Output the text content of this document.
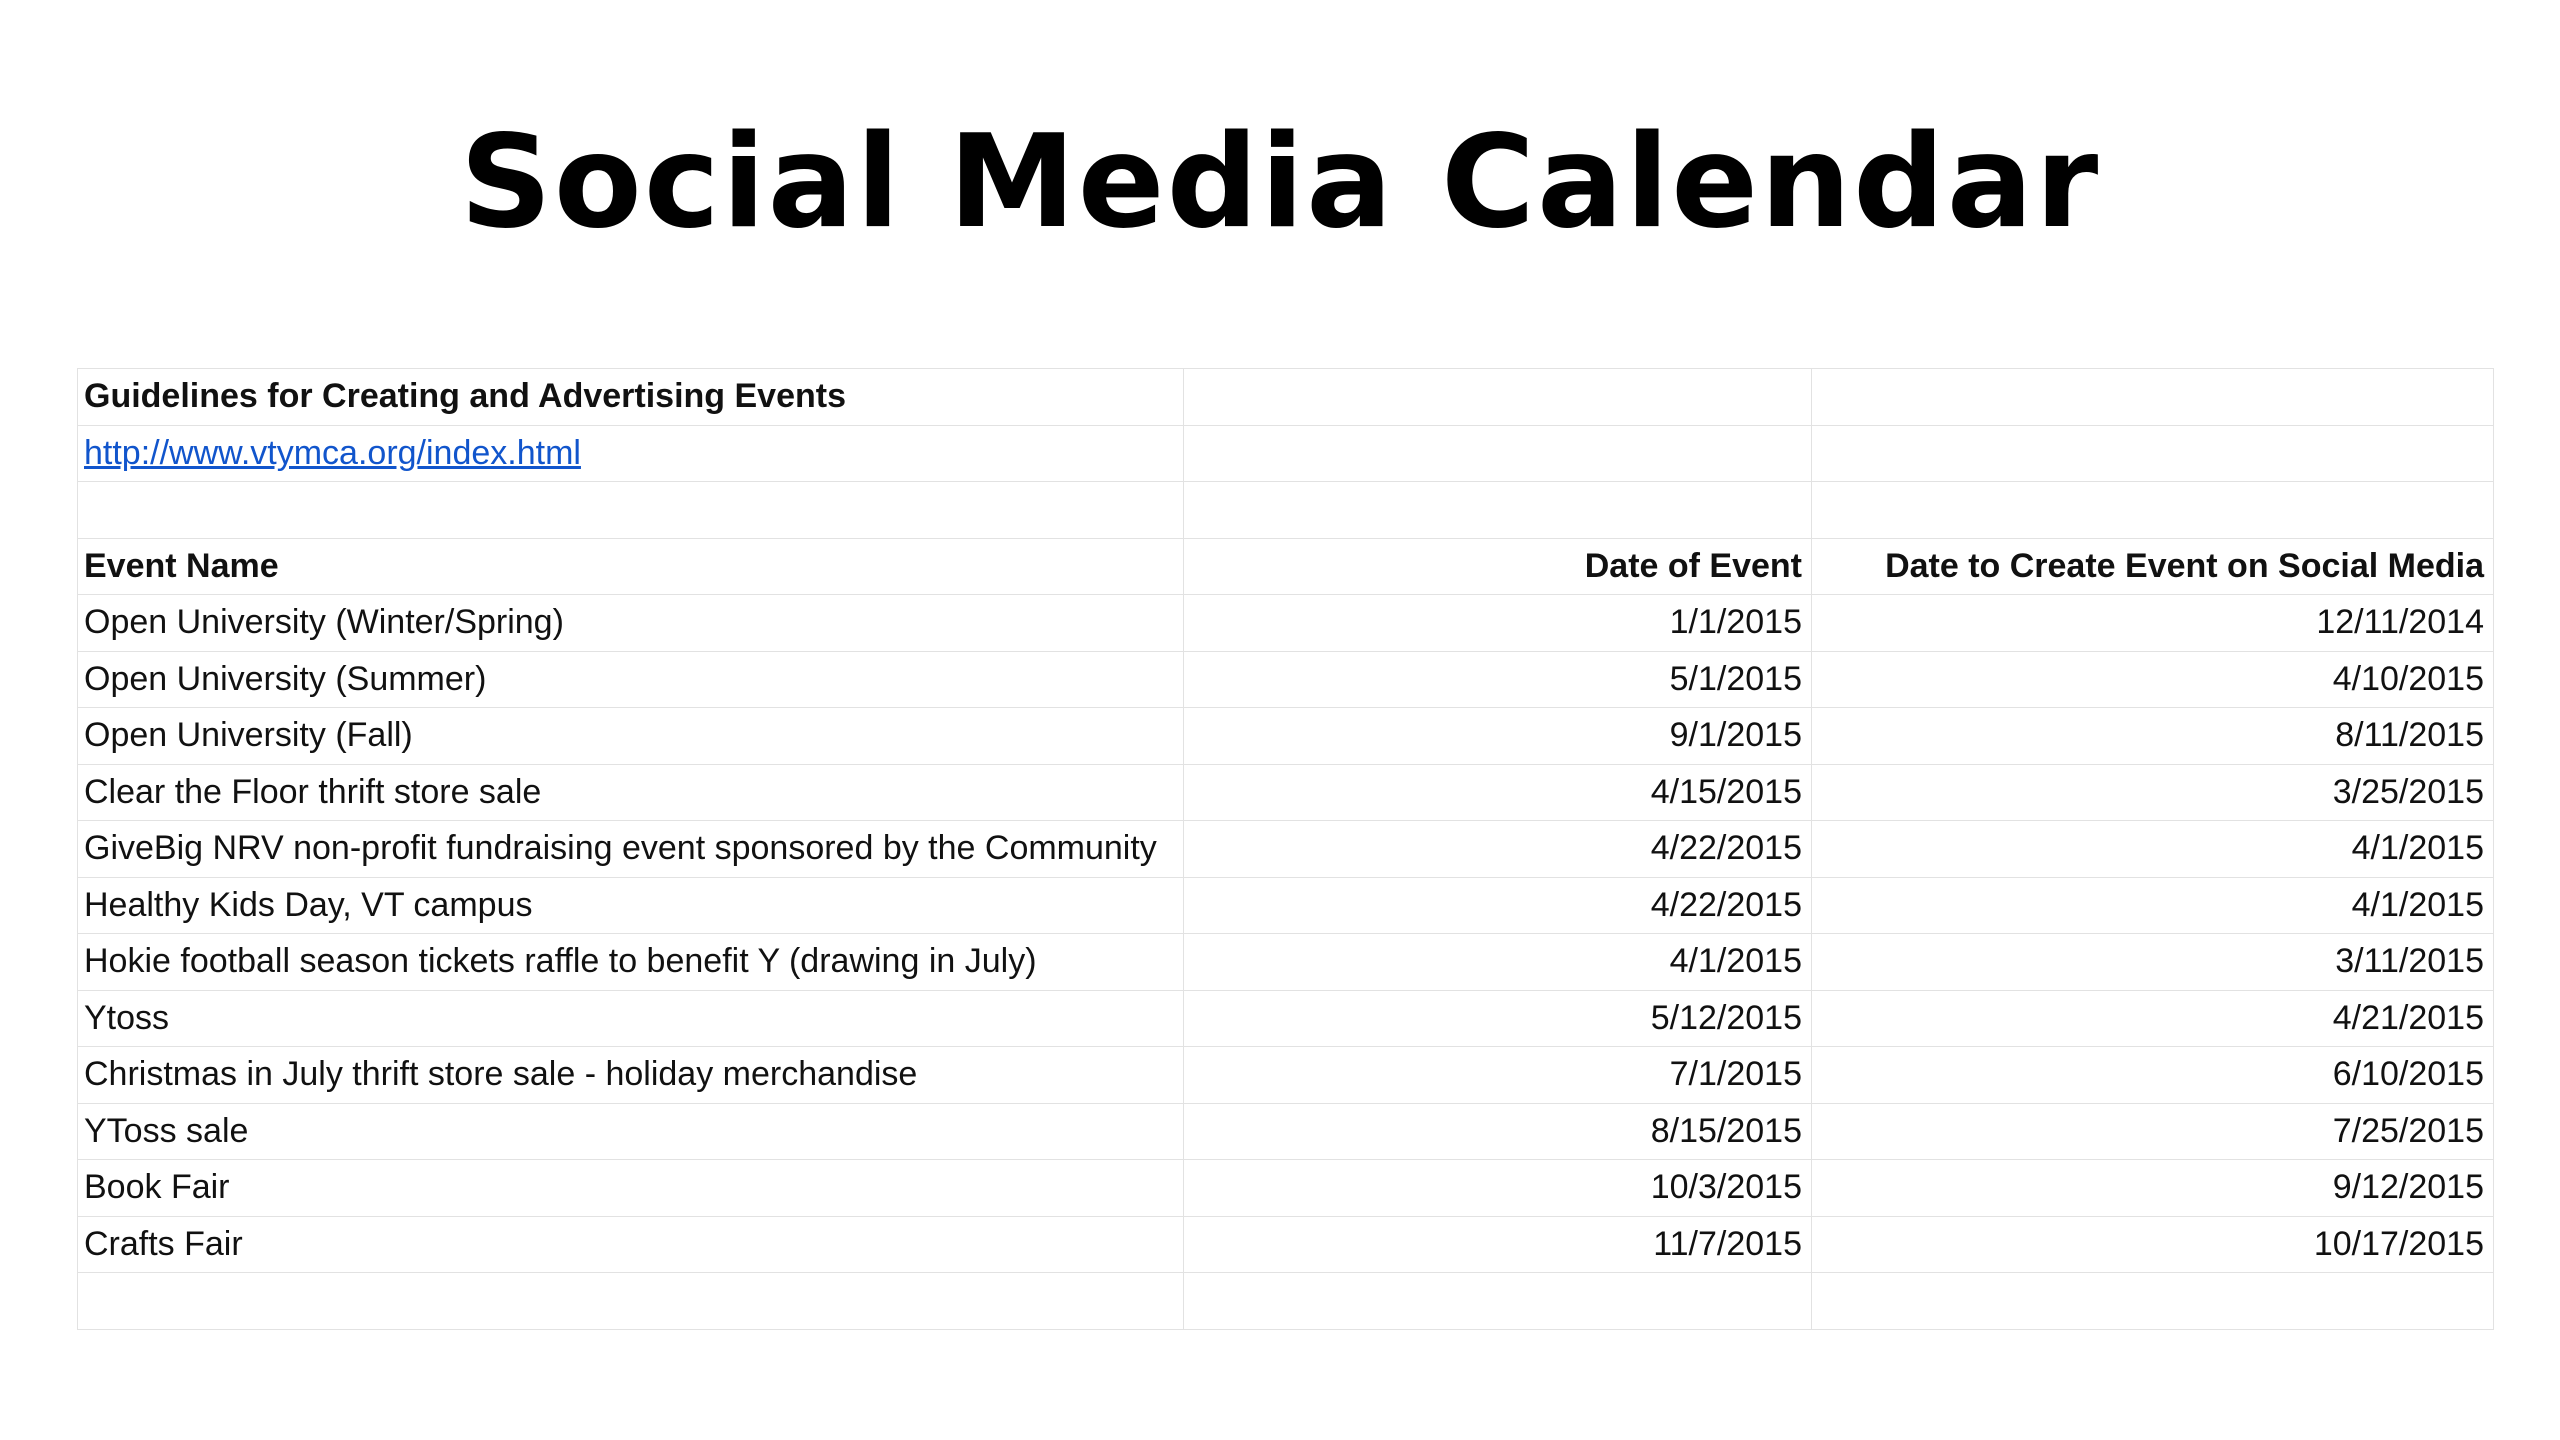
Social Media Calendar
Guidelines for Creating and Advertising Events		
http://www.vtymca.org/index.html		

Event Name	Date of Event	Date to Create Event on Social Media
Open University (Winter/Spring)	1/1/2015	12/11/2014
Open University (Summer)	5/1/2015	4/10/2015
Open University (Fall)	9/1/2015	8/11/2015
Clear the Floor thrift store sale	4/15/2015	3/25/2015
GiveBig NRV non-profit fundraising event sponsored by the Community	4/22/2015	4/1/2015
Healthy Kids Day, VT campus	4/22/2015	4/1/2015
Hokie football season tickets raffle to benefit Y (drawing in July)	4/1/2015	3/11/2015
Ytoss	5/12/2015	4/21/2015
Christmas in July thrift store sale - holiday merchandise	7/1/2015	6/10/2015
YToss sale	8/15/2015	7/25/2015
Book Fair	10/3/2015	9/12/2015
Crafts Fair	11/7/2015	10/17/2015
